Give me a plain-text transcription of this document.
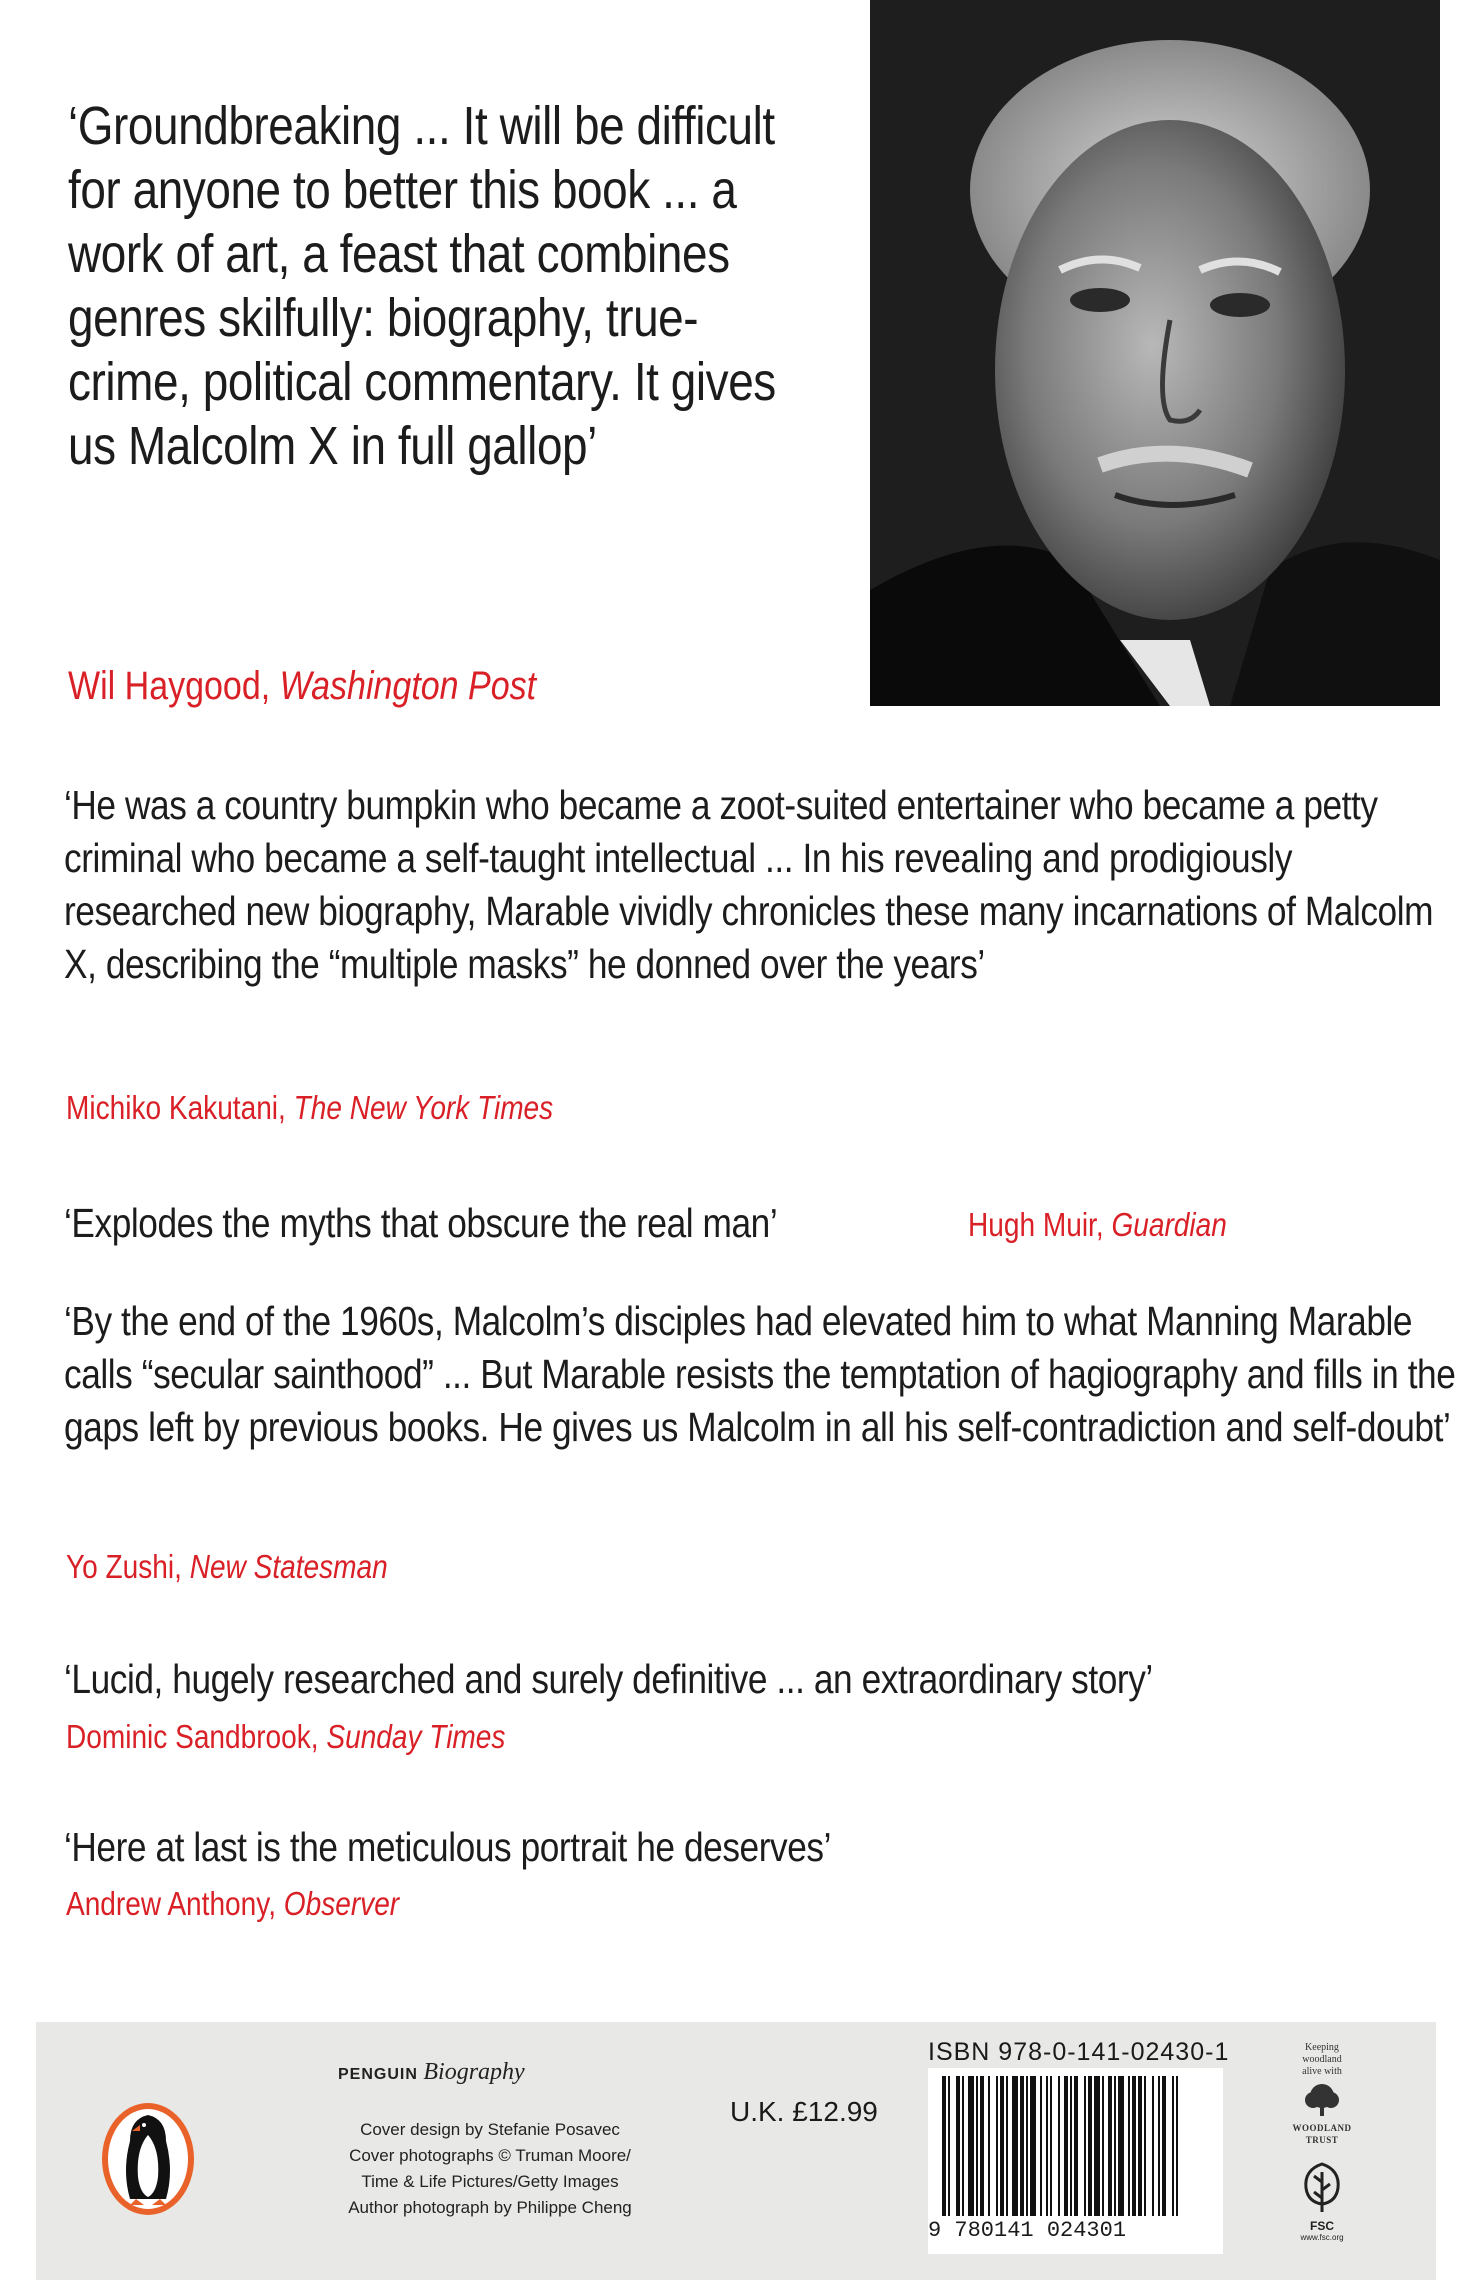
‘Groundbreaking ... It will be difficult for anyone to better this book ... a work of art, a feast that combines genres skilfully: biography, true-crime, political commentary. It gives us Malcolm X in full gallop’
Wil Haygood, Washington Post
‘He was a country bumpkin who became a zoot-suited entertainer who became a petty criminal who became a self-taught intellectual ... In his revealing and prodigiously researched new biography, Marable vividly chronicles these many incarnations of Malcolm X, describing the “multiple masks” he donned over the years’
Michiko Kakutani, The New York Times
‘Explodes the myths that obscure the real man’	Hugh Muir, Guardian
‘By the end of the 1960s, Malcolm’s disciples had elevated him to what Manning Marable calls “secular sainthood” ... But Marable resists the temptation of hagiography and fills in the gaps left by previous books. He gives us Malcolm in all his self-contradiction and self-doubt’
Yo Zushi, New Statesman
‘Lucid, hugely researched and surely definitive ... an extraordinary story’
Dominic Sandbrook, Sunday Times
‘Here at last is the meticulous portrait he deserves’
Andrew Anthony, Observer
PENGUIN Biography
Cover design by Stefanie Posavec
Cover photographs © Truman Moore/
Time & Life Pictures/Getty Images
Author photograph by Philippe Cheng
U.K. £12.99
ISBN 978-0-141-02430-1
9 780141 024301
Keeping
woodland
alive with
WOODLAND
TRUST
FSC
www.fsc.org
